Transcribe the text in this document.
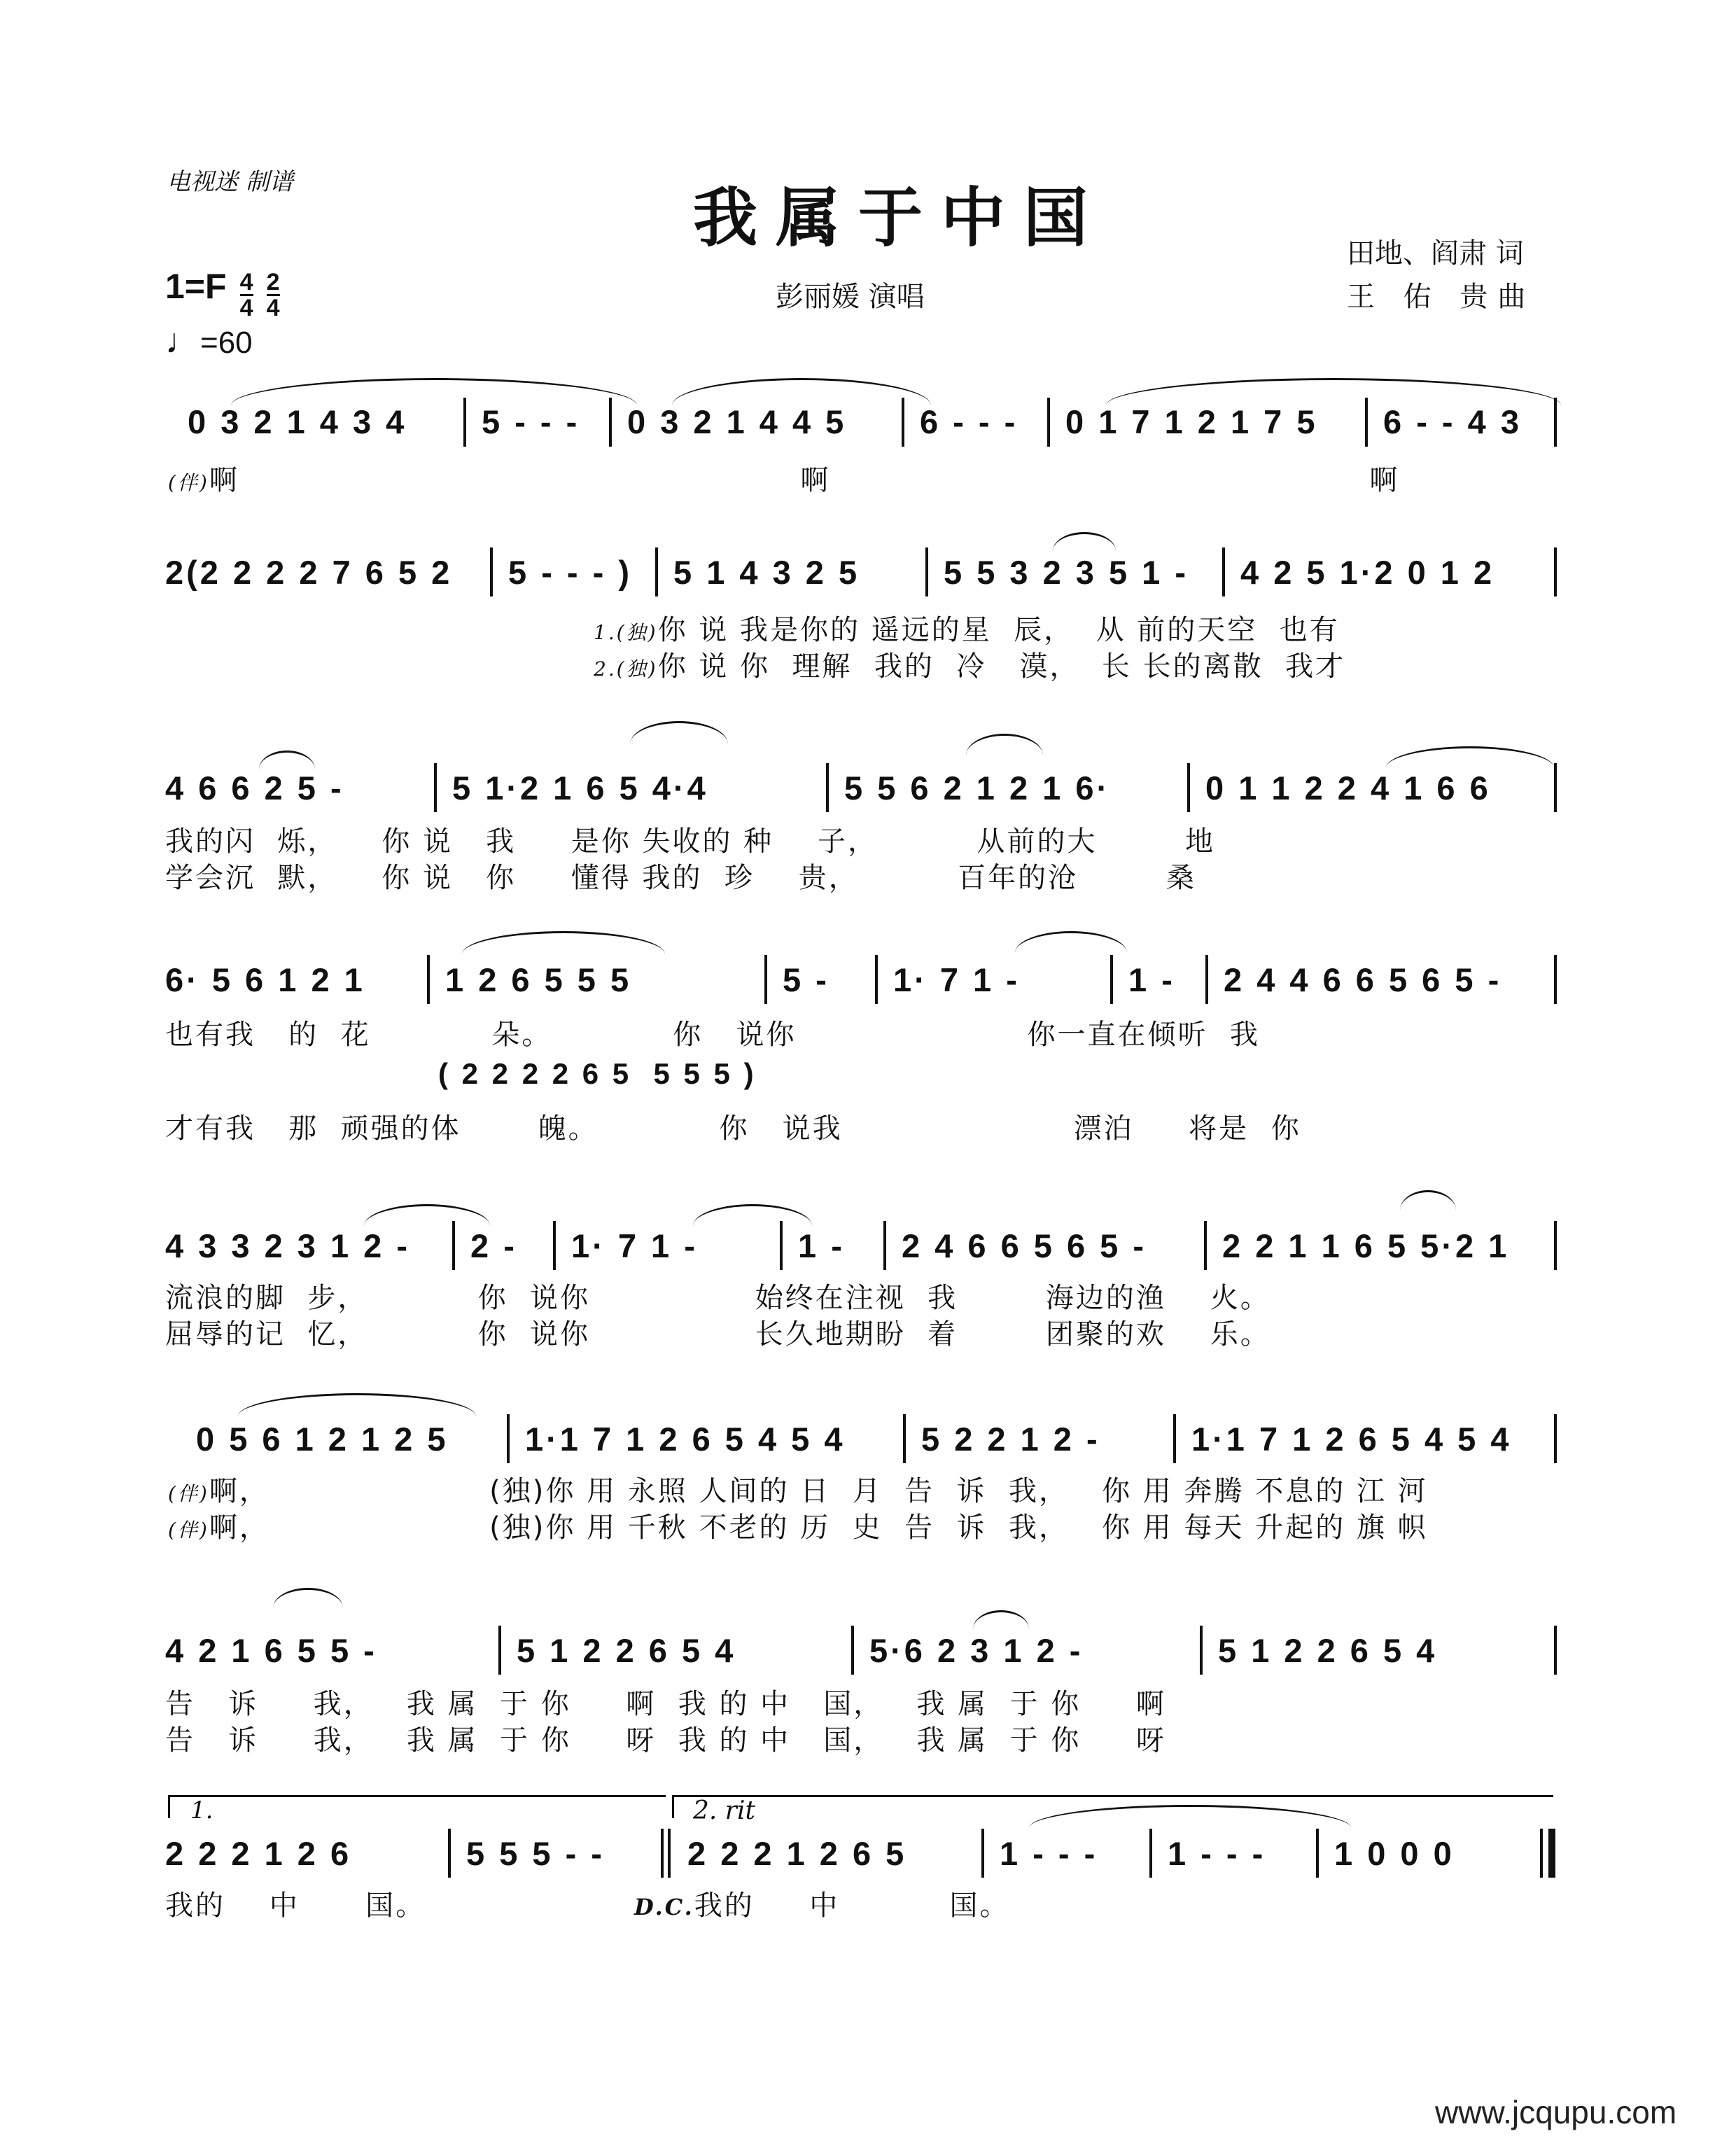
电视迷 制谱	我属于中国	田地、阎肃 词
彭丽媛 演唱	王 佑 贵曲
$1=F \frac{4}{4}$
$\frac{2}{4}$
♩=60
0 3 2 1 4 3 4 5 - - - 0 3 2 1 4 4 5 6 - - - 0 1 7 1 2 1 7 5 6 - - 4 3
(伴)啊                                                   啊                                                 啊
2(2 2 2 2 7 6 5 2 5 - - - ) 5 1 4 3 2 5	5 5 3 2 3 5 1 - 4 2 5 1·2 0 1 2
1.(独)你 说 我是你的 遥远的星  辰，  从 前的天空  也有
2.(独)你 说 你  理解  我的  冷   漠，  长 长的离散  我才
4 6 6 2 5 -	5 1·2 1 6 5 4·4	5 5 6 2 1 2 1 6·	0 1 1 2 2 4 1 6 6
我的闪  烁，    你 说   我     是你 失收的 种    子，         从前的大        地
学会沉  默，    你 说   你     懂得 我的  珍    贵，         百年的沧        桑
6· 5 6 1 2 1 1 2 6 5 5 5	5 - 1· 7 1 -	1 - 2 4 4 6 6 5 6 5 -
也有我   的  花           朵。           你   说你                     你一直在倾听  我
( 2 2 2 2 6 5  5 5 5 )
才有我   那  顽强的体       魄。           你   说我                     漂泊     将是  你
4 3 3 2 3 1 2 - 2 - 1· 7 1 -	1 - 2 4 6 6 5 6 5 - 2 2 1 1 6 5 5·2 1
流浪的脚  步，          你  说你               始终在注视  我        海边的渔    火。
屈辱的记  忆，          你  说你               长久地期盼  着        团聚的欢    乐。
0 5 6 1 2 1 2 5 1·1 7 1 2 6 5 4 5 4 5 2 2 1 2 -	1·1 7 1 2 6 5 4 5 4
(伴)啊，                    (独)你 用 永照 人间的 日  月  告  诉  我，   你 用 奔腾 不息的 江 河
(伴)啊，                    (独)你 用 千秋 不老的 历  史  告  诉  我，   你 用 每天 升起的 旗 帜
4 2 1 6 5 5 -	5 1 2 2 6 5 4	5·6 2 3 1 2 -	5 1 2 2 6 5 4
告   诉     我，   我 属  于 你     啊  我 的 中   国，   我 属  于 你     啊
告   诉     我，   我 属  于 你     呀  我 的 中   国，   我 属  于 你     呀
1.	2. rit
2 2 2 1 2 6	5 5 5 - -	2 2 2 1 2 6 5	1 - - - 1 - - - 1 0 0 0
我的    中      国。	D.C.我的     中          国。
www.jcqupu.com
